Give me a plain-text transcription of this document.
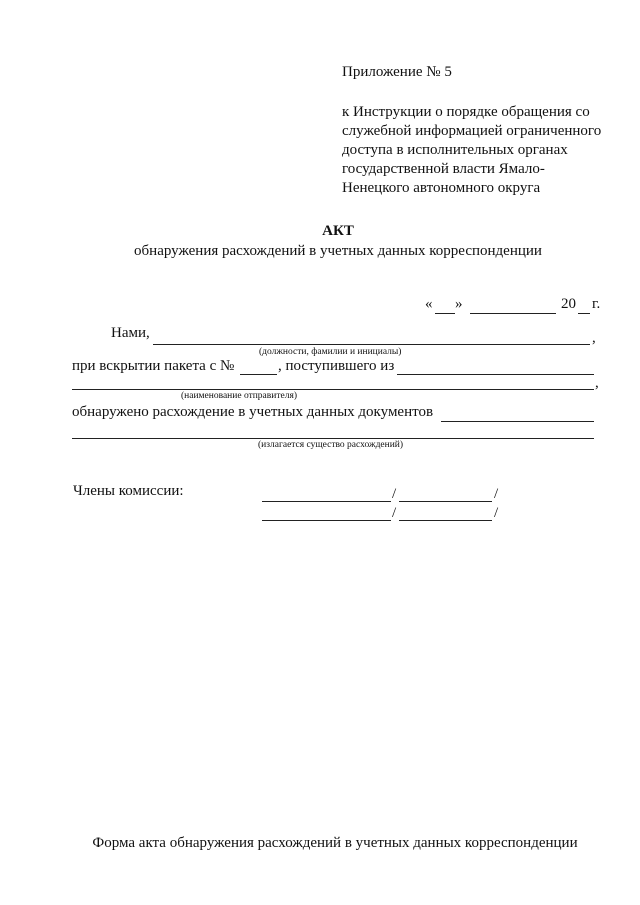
Приложение № 5
к Инструкции о порядке обращения со
служебной информацией ограниченного
доступа в исполнительных органах
государственной власти Ямало-
Ненецкого автономного округа
АКТ
обнаружения расхождений в учетных данных корреспонденции
« »	20 г.
Нами,	,
(должности, фамилии и инициалы)
при вскрытии пакета с №	, поступившего из
,
(наименование отправителя)
обнаружено расхождение в учетных данных документов
(излагается существо расхождений)
Члены комиссии:	/	/
/	/
Форма акта обнаружения расхождений в учетных данных корреспонденции
